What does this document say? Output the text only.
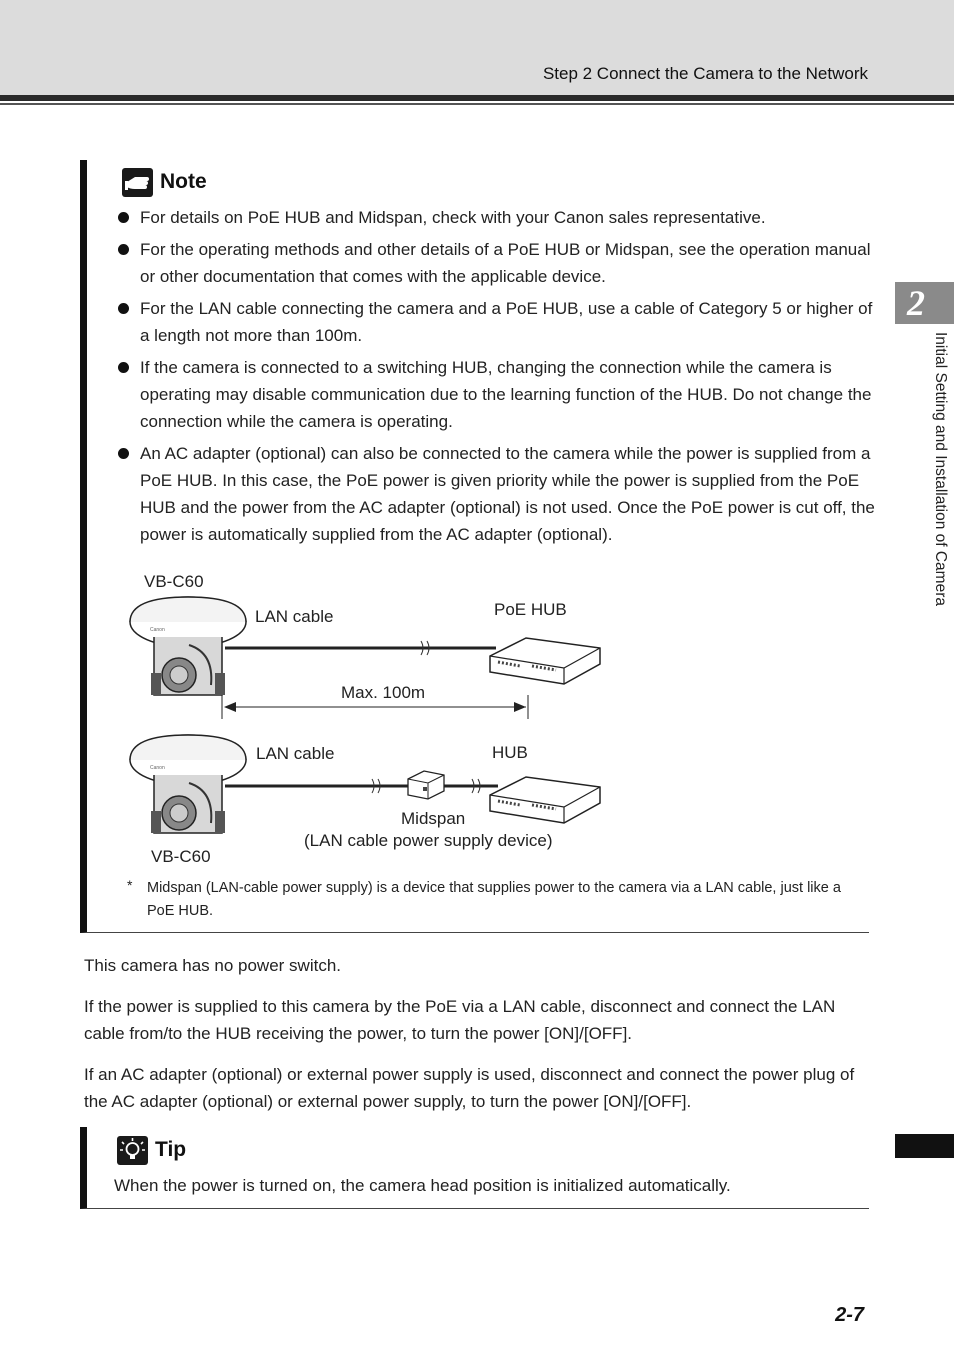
Step 2 Connect the Camera to the Network
2
Initial Setting and Installation of Camera
Note
For details on PoE HUB and Midspan, check with your Canon sales representative.
For the operating methods and other details of a PoE HUB or Midspan, see the operation manual or other documentation that comes with the applicable device.
For the LAN cable connecting the camera and a PoE HUB, use a cable of Category 5 or higher of a length not more than 100m.
If the camera is connected to a switching HUB, changing the connection while the camera is operating may disable communication due to the learning function of the HUB. Do not change the connection while the camera is operating.
An AC adapter (optional) can also be connected to the camera while the power is supplied from a PoE HUB. In this case, the PoE power is given priority while the power is supplied from the PoE HUB and the power from the AC adapter (optional) is not used. Once the PoE power is cut off, the power is automatically supplied from the AC adapter (optional).
Canon
Canon
VB-C60
LAN cable	PoE HUB
Max. 100m
LAN cable	HUB
Midspan
(LAN cable power supply device)
VB-C60
* Midspan (LAN-cable power supply) is a device that supplies power to the camera via a LAN cable, just like a PoE HUB.

This camera has no power switch.

If the power is supplied to this camera by the PoE via a LAN cable, disconnect and connect the LAN cable from/to the HUB receiving the power, to turn the power [ON]/[OFF].

If an AC adapter (optional) or external power supply is used, disconnect and connect the power plug of the AC adapter (optional) or external power supply, to turn the power [ON]/[OFF].

Tip
When the power is turned on, the camera head position is initialized automatically.
2-7
